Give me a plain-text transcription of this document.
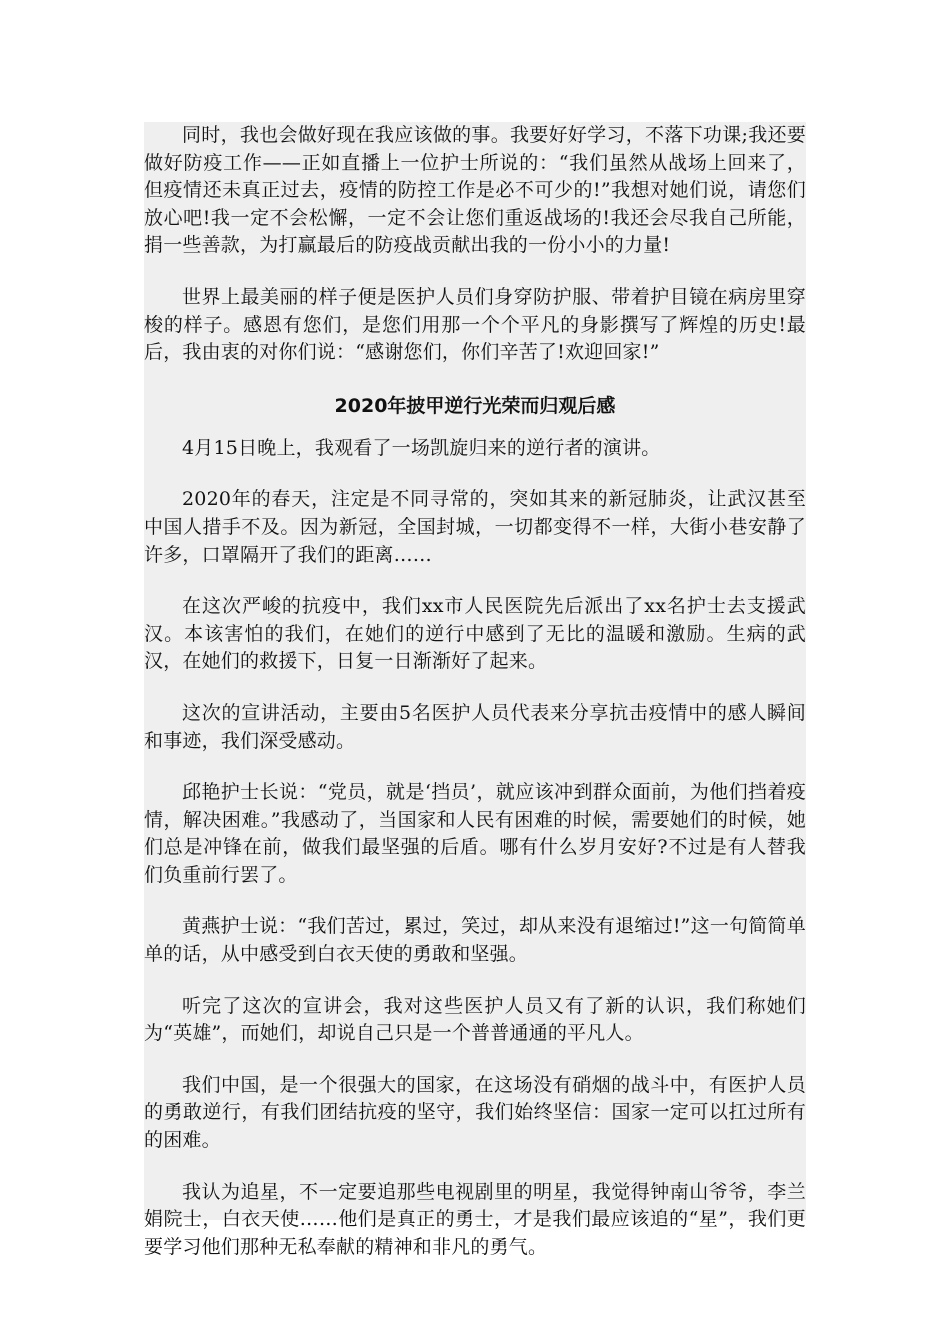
同时，我也会做好现在我应该做的事。我要好好学习，不落下功课;我还要做好防疫工作——正如直播上一位护士所说的：“我们虽然从战场上回来了，但疫情还未真正过去，疫情的防控工作是必不可少的!”我想对她们说，请您们放心吧!我一定不会松懈，一定不会让您们重返战场的!我还会尽我自己所能，捐一些善款，为打赢最后的防疫战贡献出我的一份小小的力量!

世界上最美丽的样子便是医护人员们身穿防护服、带着护目镜在病房里穿梭的样子。感恩有您们，是您们用那一个个平凡的身影撰写了辉煌的历史!最后，我由衷的对你们说：“感谢您们，你们辛苦了!欢迎回家!”

2020年披甲逆行光荣而归观后感

4月15日晚上，我观看了一场凯旋归来的逆行者的演讲。

2020年的春天，注定是不同寻常的，突如其来的新冠肺炎，让武汉甚至中国人措手不及。因为新冠，全国封城，一切都变得不一样，大街小巷安静了许多，口罩隔开了我们的距离……

在这次严峻的抗疫中，我们xx市人民医院先后派出了xx名护士去支援武汉。本该害怕的我们，在她们的逆行中感到了无比的温暖和激励。生病的武汉，在她们的救援下，日复一日渐渐好了起来。

这次的宣讲活动，主要由5名医护人员代表来分享抗击疫情中的感人瞬间和事迹，我们深受感动。

邱艳护士长说：“党员，就是‘挡员’，就应该冲到群众面前，为他们挡着疫情，解决困难。”我感动了，当国家和人民有困难的时候，需要她们的时候，她们总是冲锋在前，做我们最坚强的后盾。哪有什么岁月安好?不过是有人替我们负重前行罢了。

黄燕护士说：“我们苦过，累过，笑过，却从来没有退缩过!”这一句简简单单的话，从中感受到白衣天使的勇敢和坚强。

听完了这次的宣讲会，我对这些医护人员又有了新的认识，我们称她们为“英雄”，而她们，却说自己只是一个普普通通的平凡人。

我们中国，是一个很强大的国家，在这场没有硝烟的战斗中，有医护人员的勇敢逆行，有我们团结抗疫的坚守，我们始终坚信：国家一定可以扛过所有的困难。

我认为追星，不一定要追那些电视剧里的明星，我觉得钟南山爷爷，李兰娟院士，白衣天使……他们是真正的勇士，才是我们最应该追的“星”，我们更要学习他们那种无私奉献的精神和非凡的勇气。
